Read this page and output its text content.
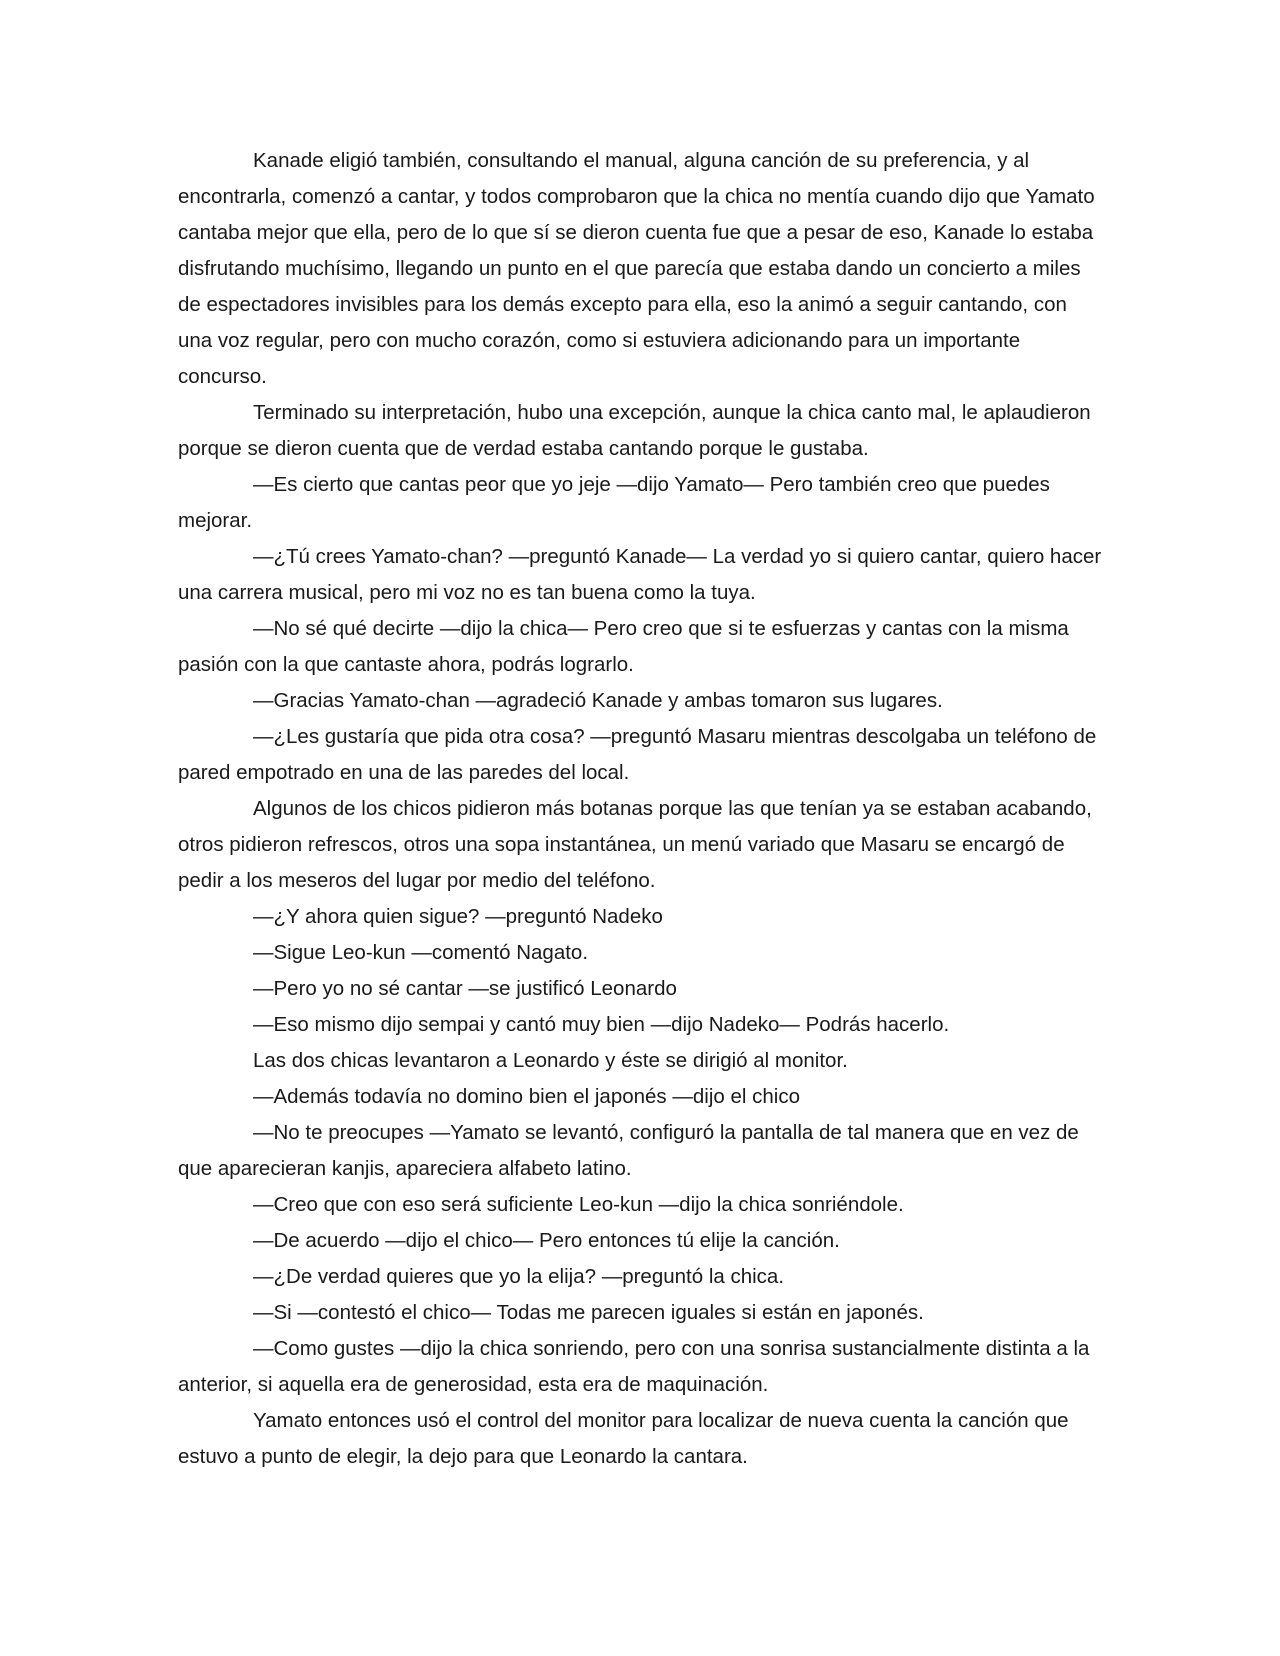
Kanade eligió también, consultando el manual, alguna canción de su preferencia, y al encontrarla, comenzó a cantar, y todos comprobaron que la chica no mentía cuando dijo que Yamato cantaba mejor que ella, pero de lo que sí se dieron cuenta fue que a pesar de eso, Kanade lo estaba disfrutando muchísimo, llegando un punto en el que parecía que estaba dando un concierto a miles de espectadores invisibles para los demás excepto para ella, eso la animó a seguir cantando, con una voz regular, pero con mucho corazón, como si estuviera adicionando para un importante concurso.

Terminado su interpretación, hubo una excepción, aunque la chica canto mal, le aplaudieron porque se dieron cuenta que de verdad estaba cantando porque le gustaba.

—Es cierto que cantas peor que yo jeje —dijo Yamato— Pero también creo que puedes mejorar.

—¿Tú crees Yamato-chan? —preguntó Kanade— La verdad yo si quiero cantar, quiero hacer una carrera musical, pero mi voz no es tan buena como la tuya.

—No sé qué decirte —dijo la chica— Pero creo que si te esfuerzas y cantas con la misma pasión con la que cantaste ahora, podrás lograrlo.

—Gracias Yamato-chan —agradeció Kanade y ambas tomaron sus lugares.

—¿Les gustaría que pida otra cosa? —preguntó Masaru mientras descolgaba un teléfono de pared empotrado en una de las paredes del local.

Algunos de los chicos pidieron más botanas porque las que tenían ya se estaban acabando, otros pidieron refrescos, otros una sopa instantánea, un menú variado que Masaru se encargó de pedir a los meseros del lugar por medio del teléfono.

—¿Y ahora quien sigue? —preguntó Nadeko

—Sigue Leo-kun —comentó Nagato.

—Pero yo no sé cantar —se justificó Leonardo

—Eso mismo dijo sempai y cantó muy bien —dijo Nadeko— Podrás hacerlo.

Las dos chicas levantaron a Leonardo y éste se dirigió al monitor.

—Además todavía no domino bien el japonés —dijo el chico

—No te preocupes —Yamato se levantó, configuró la pantalla de tal manera que en vez de que aparecieran kanjis, apareciera alfabeto latino.

—Creo que con eso será suficiente Leo-kun —dijo la chica sonriéndole.

—De acuerdo —dijo el chico— Pero entonces tú elije la canción.

—¿De verdad quieres que yo la elija? —preguntó la chica.

—Si —contestó el chico— Todas me parecen iguales si están en japonés.

—Como gustes —dijo la chica sonriendo, pero con una sonrisa sustancialmente distinta a la anterior, si aquella era de generosidad, esta era de maquinación.

Yamato entonces usó el control del monitor para localizar de nueva cuenta la canción que estuvo a punto de elegir, la dejo para que Leonardo la cantara.
